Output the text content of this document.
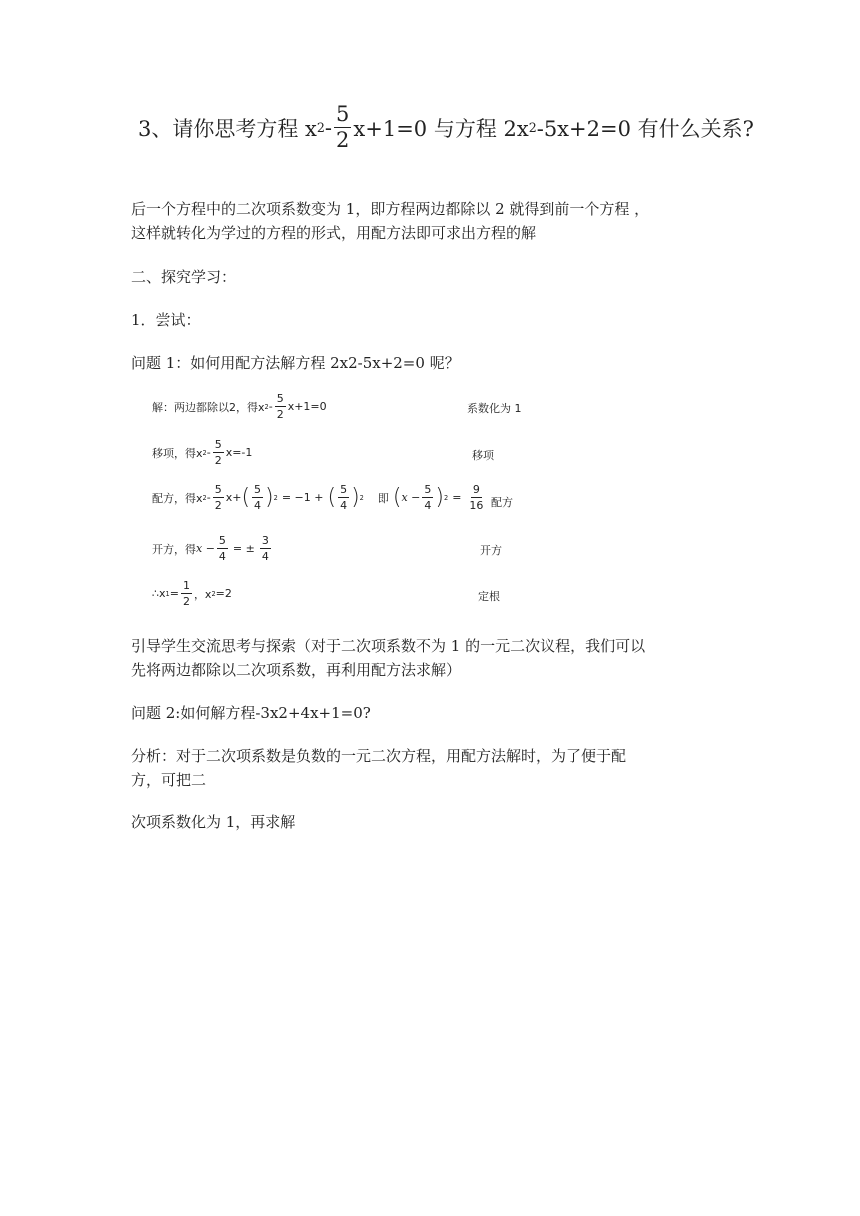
3、请你思考方程 x $2 - \frac{5}{2} x+1=0$ 与方程 2x 2 -5x+2=0 有什么关系?
后一个方程中的二次项系数变为 1，即方程两边都除以 2 就得到前一个方程 ，
这样就转化为学过的方程的形式，用配方法即可求出方程的解
二、探究学习：
1．尝试：
问题 1：如何用配方法解方程 2x2-5x+2=0 呢？
解：两边都除以2，得x $2 - \frac{5}{2} x+1=0$	系数化为 1
移项，得x $2 - \frac{5}{2} x=-1$	移项
配方，得x $2 - \frac{5}{2} x+$ ( $\frac{5}{4}$ ) 2 = −1 + ( $\frac{5}{4}$ ) 2 即 ( $x - \frac{5}{4}$ ) $2 = \frac{9}{16}$ 配方
开方，得 $x - \frac{5}{4}$ = ± $\frac{3}{4}$	开方
∴x $1 = \frac{1}{2}$ ，x 2 =2	定根
引导学生交流思考与探索（对于二次项系数不为 1 的一元二次议程，我们可以
先将两边都除以二次项系数，再利用配方法求解）
问题 2:如何解方程-3x2+4x+1=0?
分析：对于二次项系数是负数的一元二次方程，用配方法解时，为了便于配
方，可把二
次项系数化为 1，再求解
